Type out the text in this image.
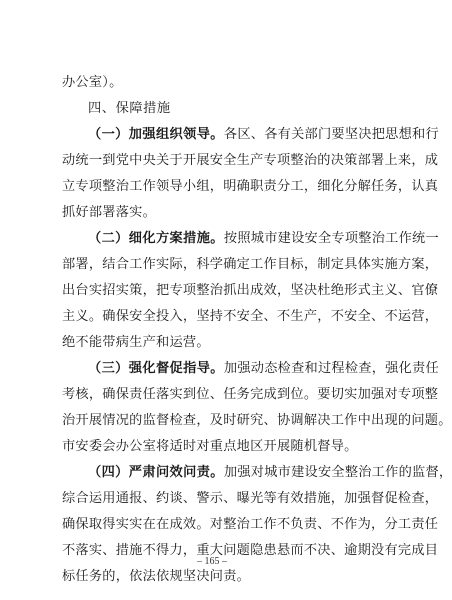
办公室）。
四、保障措施
（一）加强组织领导。各区、各有关部门要坚决把思想和行
动统一到党中央关于开展安全生产专项整治的决策部署上来，成
立专项整治工作领导小组，明确职责分工，细化分解任务，认真
抓好部署落实。
（二）细化方案措施。按照城市建设安全专项整治工作统一
部署，结合工作实际，科学确定工作目标，制定具体实施方案，
出台实招实策，把专项整治抓出成效，坚决杜绝形式主义、官僚
主义。确保安全投入，坚持不安全、不生产，不安全、不运营，
绝不能带病生产和运营。
（三）强化督促指导。加强动态检查和过程检查，强化责任
考核，确保责任落实到位、任务完成到位。要切实加强对专项整
治开展情况的监督检查，及时研究、协调解决工作中出现的问题。
市安委会办公室将适时对重点地区开展随机督导。
（四）严肃问效问责。加强对城市建设安全整治工作的监督，
综合运用通报、约谈、警示、曝光等有效措施，加强督促检查，
确保取得实实在在成效。对整治工作不负责、不作为，分工责任
不落实、措施不得力，重大问题隐患悬而不决、逾期没有完成目
标任务的，依法依规坚决问责。
– 165 –
